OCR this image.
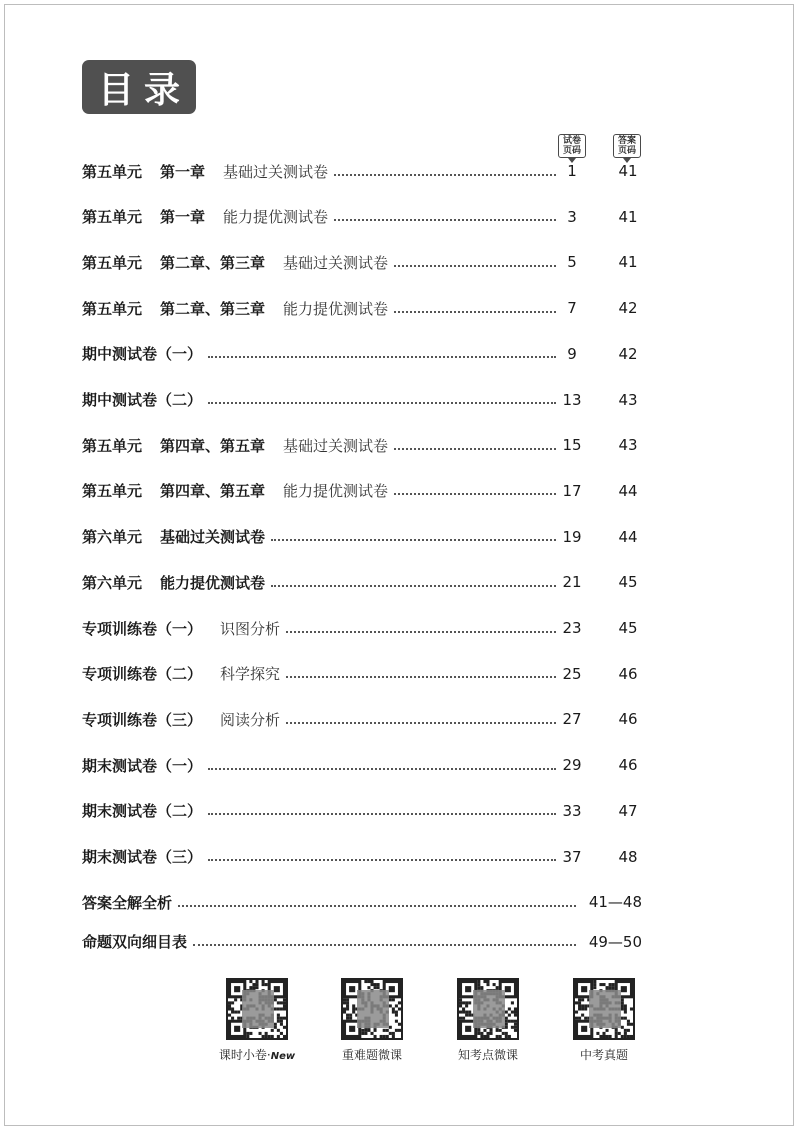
目录
试卷页码
答案页码
第五单元 第一章 基础过关测试卷	1	41
第五单元 第一章 能力提优测试卷	3	41
第五单元 第二章、第三章 基础过关测试卷	5	41
第五单元 第二章、第三章 能力提优测试卷	7	42
期中测试卷（一）	9	42
期中测试卷（二）	13 43
第五单元 第四章、第五章 基础过关测试卷	15 43
第五单元 第四章、第五章 能力提优测试卷	17 44
第六单元 基础过关测试卷	19 44
第六单元 能力提优测试卷	21 45
专项训练卷（一） 识图分析	23 45
专项训练卷（二） 科学探究	25 46
专项训练卷（三） 阅读分析	27 46
期末测试卷（一）	29 46
期末测试卷（二）	33 47
期末测试卷（三）	37 48
答案全解全析	41—48
命题双向细目表	49—50
课时小卷·New	重难题微课	知考点微课	中考真题
